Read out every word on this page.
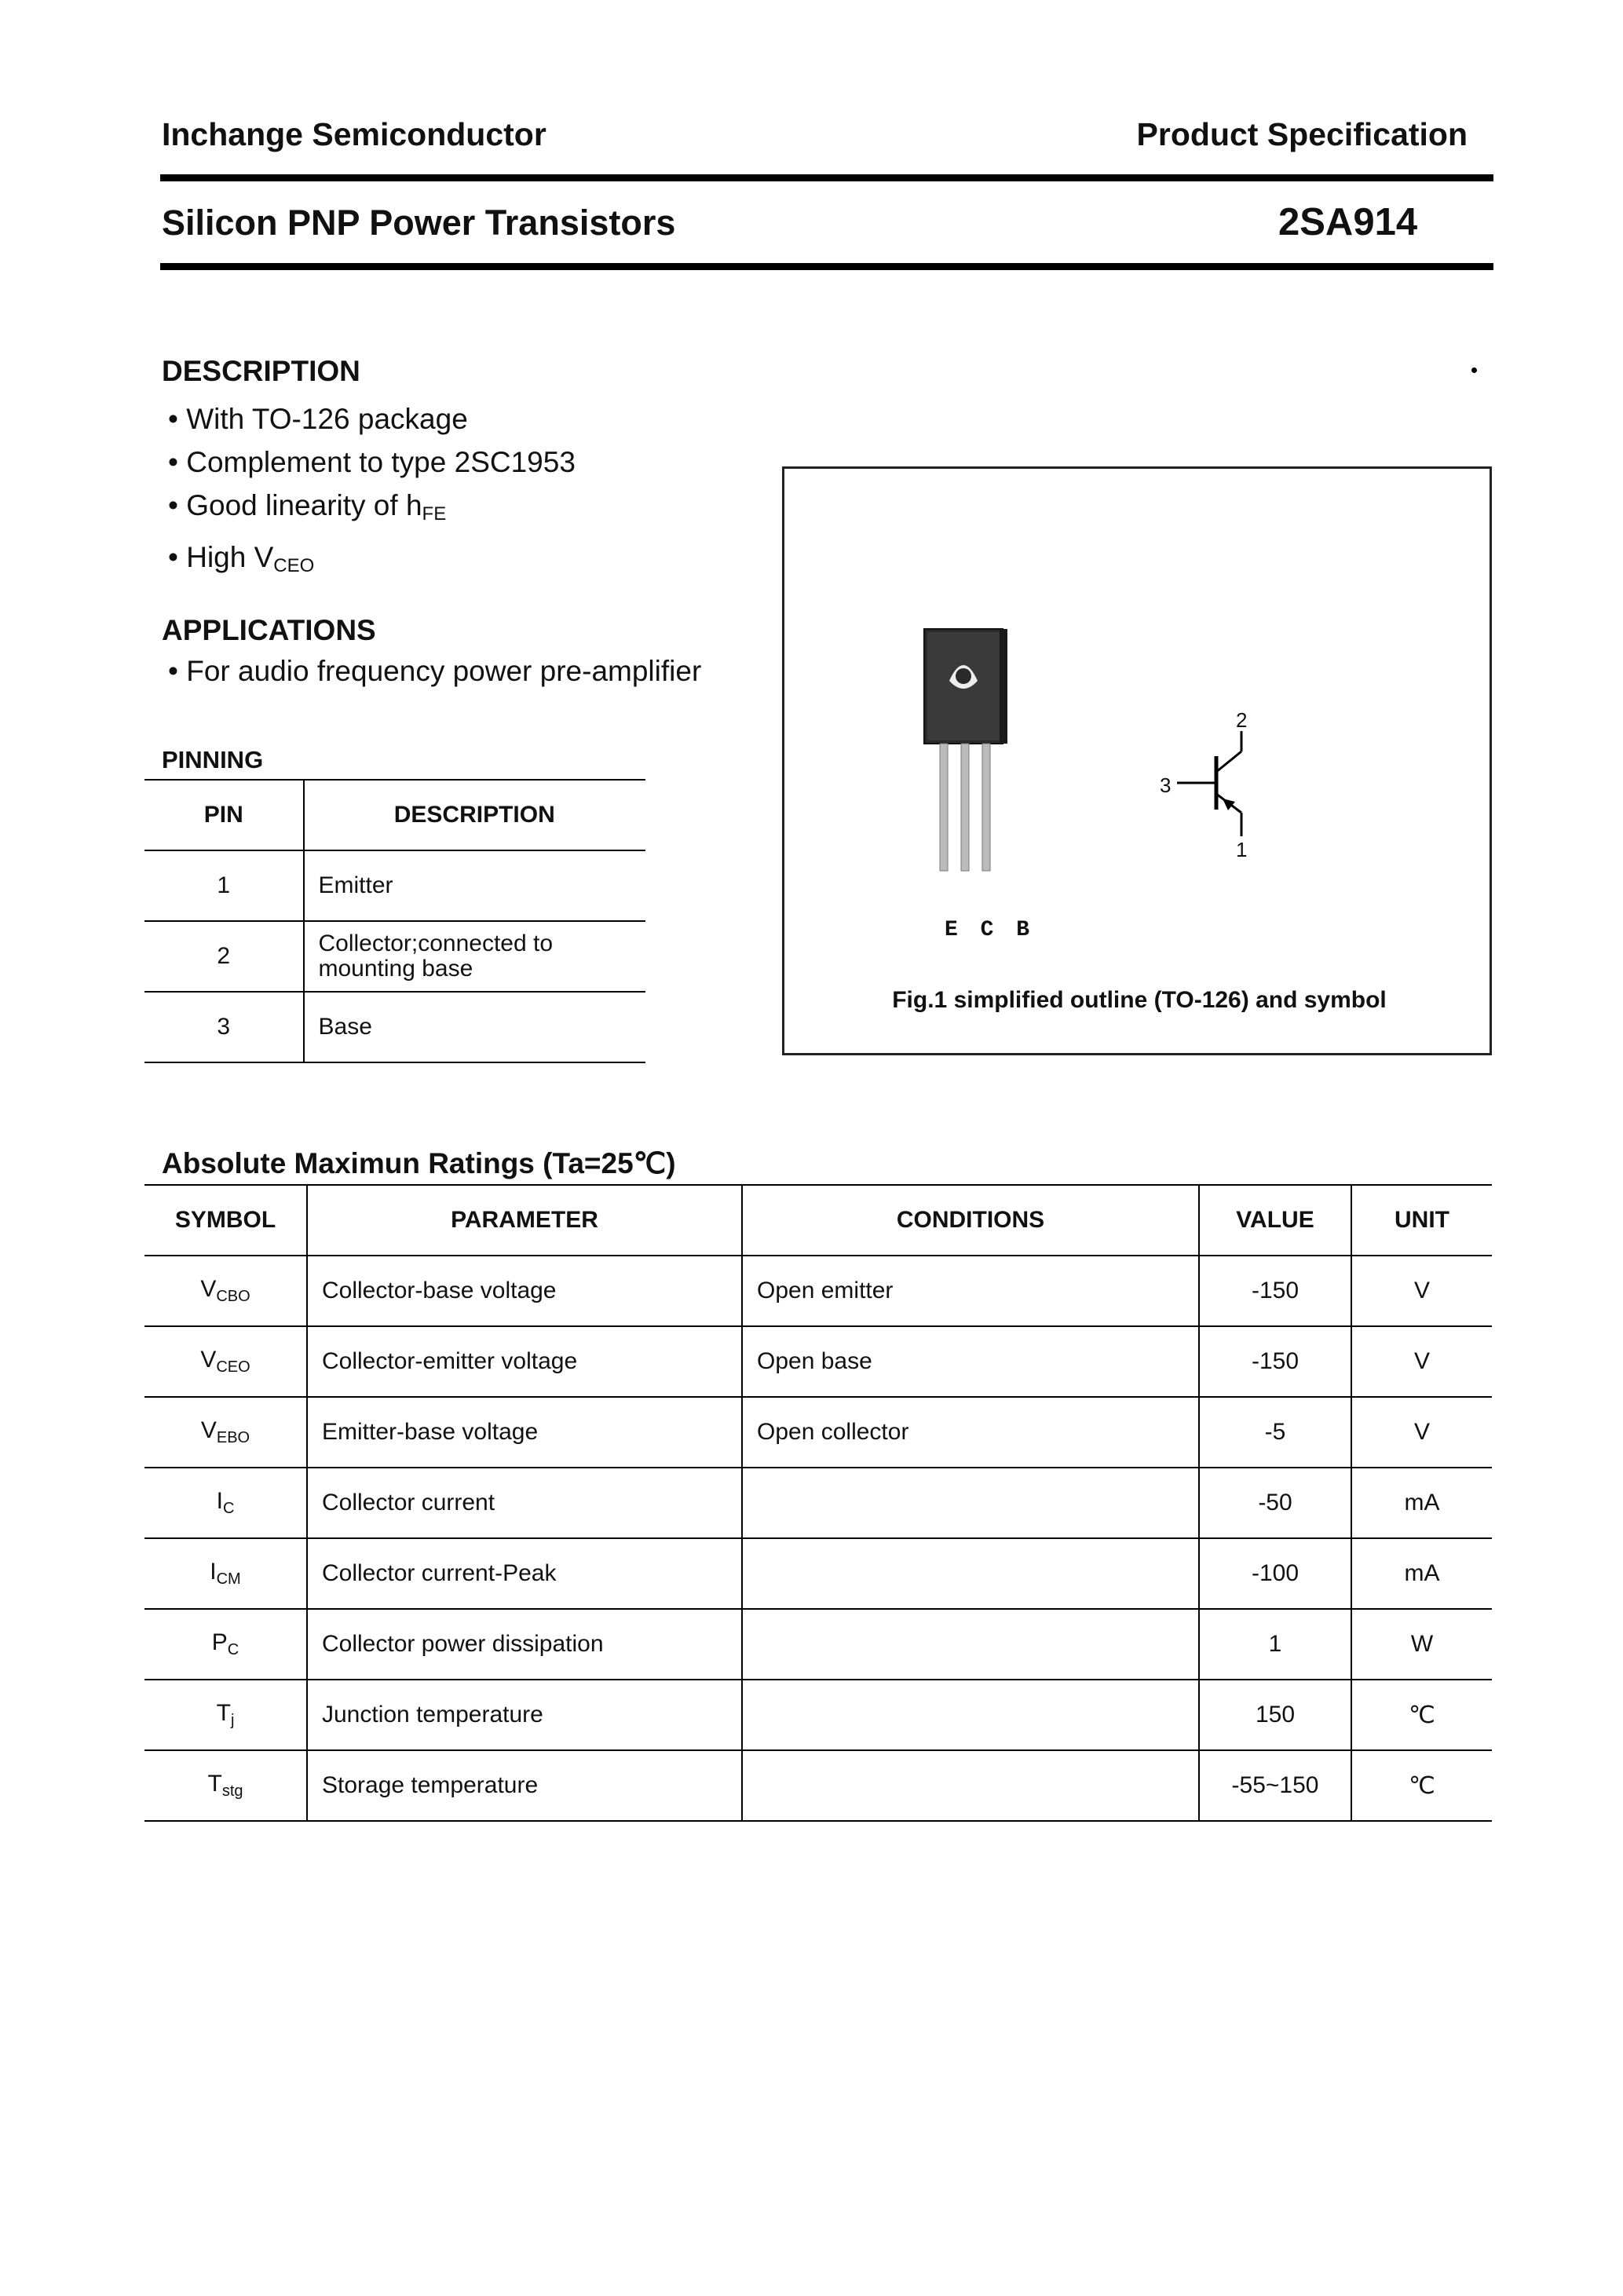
Inchange Semiconductor	Product Specification
Silicon PNP Power Transistors	2SA914
DESCRIPTION
• With TO-126 package
• Complement to type 2SC1953
• Good linearity of $h_{FE}$
• High $V_{CEO}$
APPLICATIONS
• For audio frequency power pre-amplifier
PINNING
PIN	DESCRIPTION
1	Emitter
2	Collector;connected to mounting base
3	Base
E C B
2
3
1
Fig.1 simplified outline (TO-126) and symbol
Absolute Maximun Ratings (Ta=25℃)
SYMBOL	PARAMETER	CONDITIONS	VALUE	UNIT
$V_{CBO}$	Collector-base voltage	Open emitter	-150	V
$V_{CEO}$	Collector-emitter voltage	Open base	-150	V
$V_{EBO}$	Emitter-base voltage	Open collector	-5	V
$I_C$	Collector current		-50	mA
$I_{CM}$	Collector current-Peak		-100	mA
$P_C$	Collector power dissipation		1	W
$T_j$	Junction temperature		150	℃
$T_{stg}$	Storage temperature		-55~150	℃
